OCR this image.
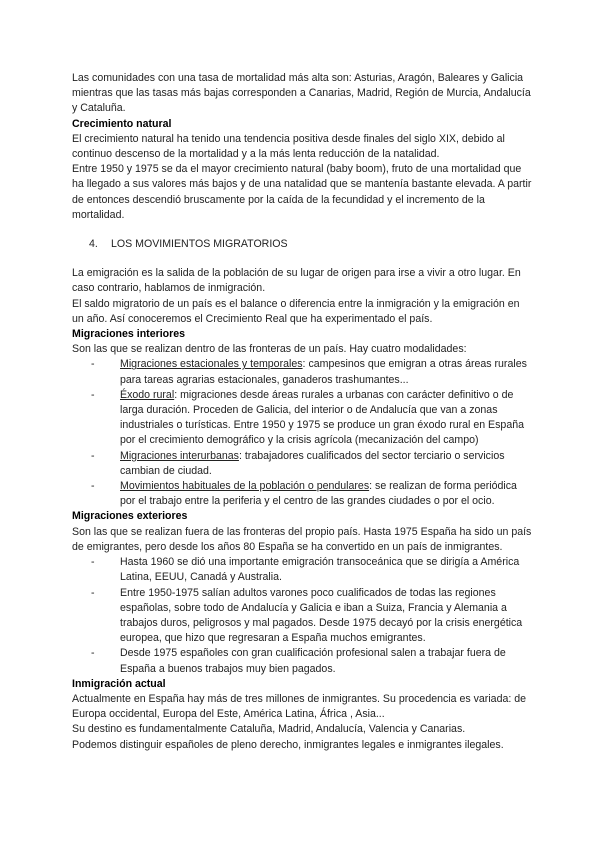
Las comunidades con una tasa de mortalidad más alta son: Asturias, Aragón, Baleares y Galicia mientras que las tasas más bajas corresponden a Canarias, Madrid, Región de Murcia, Andalucía y Cataluña.

Crecimiento natural

El crecimiento natural ha tenido una tendencia positiva desde finales del siglo XIX, debido al continuo descenso de la mortalidad y a la más lenta reducción de la natalidad.

Entre 1950 y 1975 se da el mayor crecimiento natural (baby boom), fruto de una mortalidad que ha llegado a sus valores más bajos y de una natalidad que se mantenía bastante elevada. A partir de entonces descendió bruscamente por la caída de la fecundidad y el incremento de la mortalidad.

4. LOS MOVIMIENTOS MIGRATORIOS

La emigración es la salida de la población de su lugar de origen para irse a vivir a otro lugar. En caso contrario, hablamos de inmigración.

El saldo migratorio de un país es el balance o diferencia entre la inmigración y la emigración en un año. Así conoceremos el Crecimiento Real que ha experimentado el país.

Migraciones interiores

Son las que se realizan dentro de las fronteras de un país. Hay cuatro modalidades:

- Migraciones estacionales y temporales: campesinos que emigran a otras áreas rurales para tareas agrarias estacionales, ganaderos trashumantes...
- Éxodo rural: migraciones desde áreas rurales a urbanas con carácter definitivo o de larga duración. Proceden de Galicia, del interior o de Andalucía que van a zonas industriales o turísticas. Entre 1950 y 1975 se produce un gran éxodo rural en España por el crecimiento demográfico y la crisis agrícola (mecanización del campo)
- Migraciones interurbanas: trabajadores cualificados del sector terciario o servicios cambian de ciudad.
- Movimientos habituales de la población o pendulares: se realizan de forma periódica por el trabajo entre la periferia y el centro de las grandes ciudades o por el ocio.

Migraciones exteriores

Son las que se realizan fuera de las fronteras del propio país. Hasta 1975 España ha sido un país de emigrantes, pero desde los años 80 España se ha convertido en un país de inmigrantes.

- Hasta 1960 se dió una importante emigración transoceánica que se dirigía a América Latina, EEUU, Canadá y Australia.
- Entre 1950-1975 salían adultos varones poco cualificados de todas las regiones españolas, sobre todo de Andalucía y Galicia e iban a Suiza, Francia y Alemania a trabajos duros, peligrosos y mal pagados. Desde 1975 decayó por la crisis energética europea, que hizo que regresaran a España muchos emigrantes.
- Desde 1975 españoles con gran cualificación profesional salen a trabajar fuera de España a buenos trabajos muy bien pagados.

Inmigración actual

Actualmente en España hay más de tres millones de inmigrantes. Su procedencia es variada: de Europa occidental, Europa del Este, América Latina, África , Asia...

Su destino es fundamentalmente Cataluña, Madrid, Andalucía, Valencia y Canarias.

Podemos distinguir españoles de pleno derecho, inmigrantes legales e inmigrantes ilegales.
